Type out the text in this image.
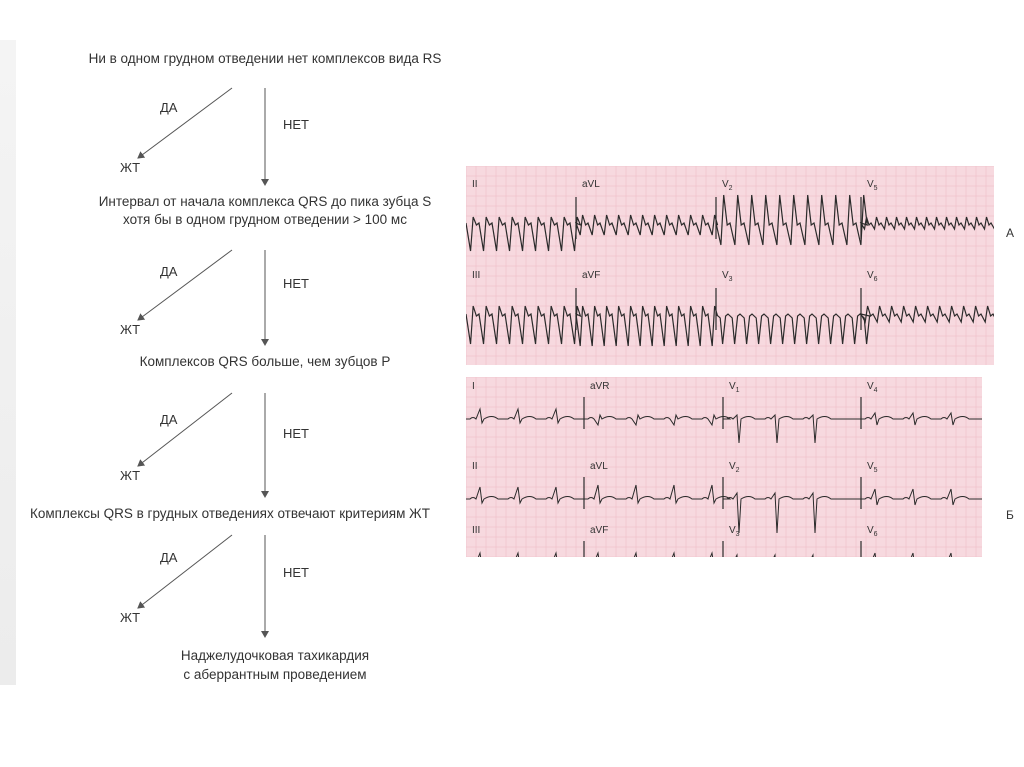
Ни в одном грудном отведении нет комплексов вида RS
ДА
НЕТ
ЖТ
Интервал от начала комплекса QRS до пика зубца S
хотя бы в одном грудном отведении > 100 мс
ДА
НЕТ
ЖТ
Комплексов QRS больше, чем зубцов P
ДА
НЕТ
ЖТ
Комплексы QRS в грудных отведениях отвечают критериям ЖТ
ДА
НЕТ
ЖТ
Наджелудочковая тахикардия
с аберрантным проведением
II	aVL	$V_2$	$V_5$
III	aVF	$V_3$	$V_6$
А
I	aVR	$V_1$	$V_4$
II	aVL	$V_2$	$V_5$
III	aVF	$V_3$	$V_6$
Б
